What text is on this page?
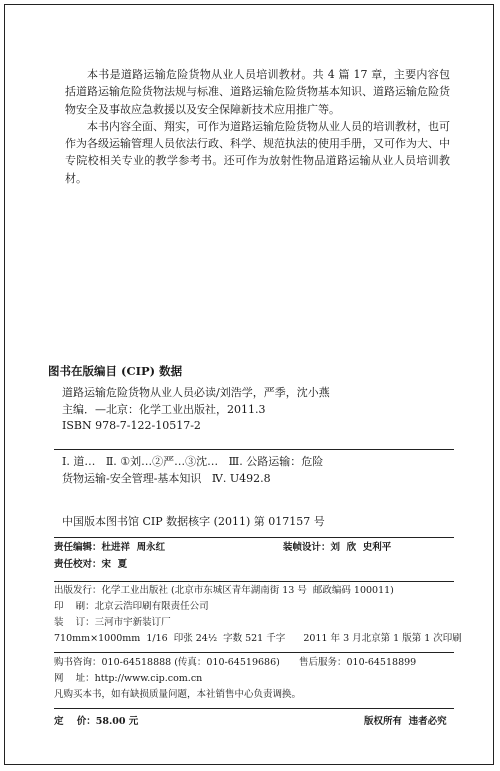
本书是道路运输危险货物从业人员培训教材。共 4 篇 17 章，主要内容包括道路运输危险货物法规与标准、道路运输危险货物基本知识、道路运输危险货物安全及事故应急救援以及安全保障新技术应用推广等。

本书内容全面、翔实，可作为道路运输危险货物从业人员的培训教材，也可作为各级运输管理人员依法行政、科学、规范执法的使用手册，又可作为大、中专院校相关专业的教学参考书。还可作为放射性物品道路运输从业人员培训教材。

图书在版编目 (CIP) 数据
道路运输危险货物从业人员必读/刘浩学，严季，沈小燕
主编．—北京：化学工业出版社，2011.3
ISBN 978-7-122-10517-2
Ⅰ. 道…   Ⅱ. ①刘…②严…③沈…   Ⅲ. 公路运输：危险
货物运输-安全管理-基本知识   Ⅳ. U492.8
中国版本图书馆 CIP 数据核字 (2011) 第 017157 号
责任编辑：杜进祥  周永红	装帧设计：刘  欣  史利平
责任校对：宋  夏
出版发行：化学工业出版社 (北京市东城区青年湖南街 13 号  邮政编码 100011)
印    刷：北京云浩印刷有限责任公司
装    订：三河市宇新装订厂
710mm×1000mm  1/16  印张 24½  字数 521 千字      2011 年 3 月北京第 1 版第 1 次印刷
购书咨询：010-64518888 (传真：010-64519686) 售后服务：010-64518899
网    址：http://www.cip.com.cn
凡购买本书，如有缺损质量问题，本社销售中心负责调换。
定    价：58.00 元	版权所有  违者必究
